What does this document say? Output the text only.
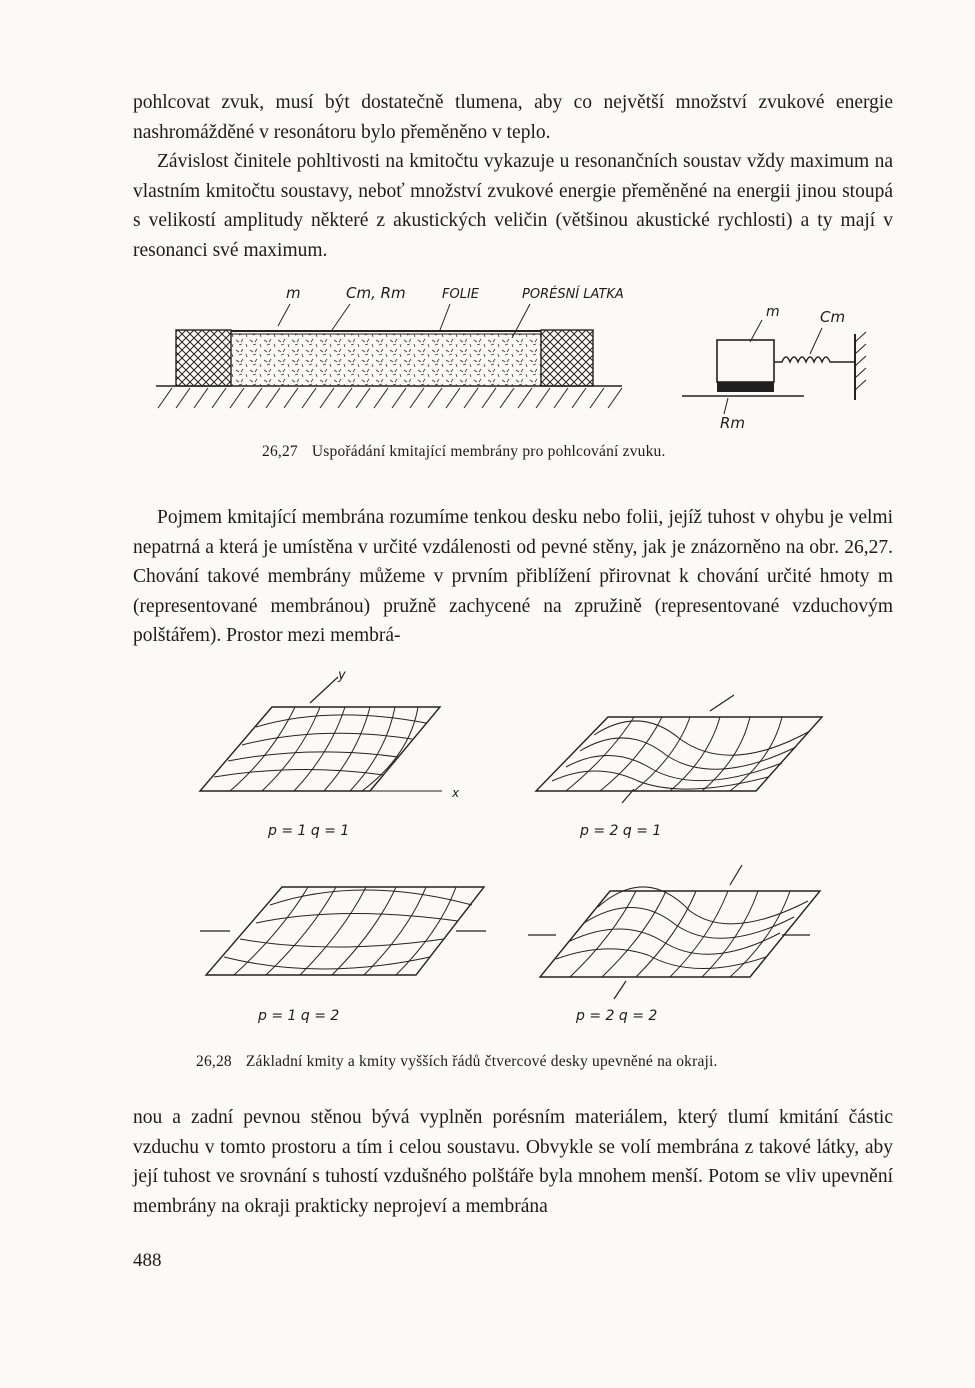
pohlcovat zvuk, musí být dostatečně tlumena, aby co největší množství zvukové energie nashromážděné v resonátoru bylo přeměněno v teplo.

Závislost činitele pohltivosti na kmitočtu vykazuje u resonančních soustav vždy maximum na vlastním kmitočtu soustavy, neboť množství zvukové energie přeměněné na energii jinou stoupá s velikostí amplitudy některé z akustických veličin (většinou akustické rychlosti) a ty mají v resonanci své maximum.

m	Cm, Rm	FOLIE	PORÉSNÍ LATKA
m	Cm
Rm
26,27 Uspořádání kmitající membrány pro pohlcování zvuku.

Pojmem kmitající membrána rozumíme tenkou desku nebo folii, jejíž tuhost v ohybu je velmi nepatrná a která je umístěna v určité vzdálenosti od pevné stěny, jak je znázorněno na obr. 26,27. Chování takové membrány můžeme v prvním přiblížení přirovnat k chování určité hmoty m (representované membránou) pružně zachycené na zpružině (representované vzduchovým polštářem). Prostor mezi membrá-

y
x
p = 1 q = 1	p = 2 q = 1
p = 1 q = 2	p = 2 q = 2
26,28 Základní kmity a kmity vyšších řádů čtvercové desky upevněné na okraji.

nou a zadní pevnou stěnou bývá vyplněn porésním materiálem, který tlumí kmitání částic vzduchu v tomto prostoru a tím i celou soustavu. Obvykle se volí membrána z takové látky, aby její tuhost ve srovnání s tuhostí vzdušného polštáře byla mnohem menší. Potom se vliv upevnění membrány na okraji prakticky neprojeví a membrána

488
